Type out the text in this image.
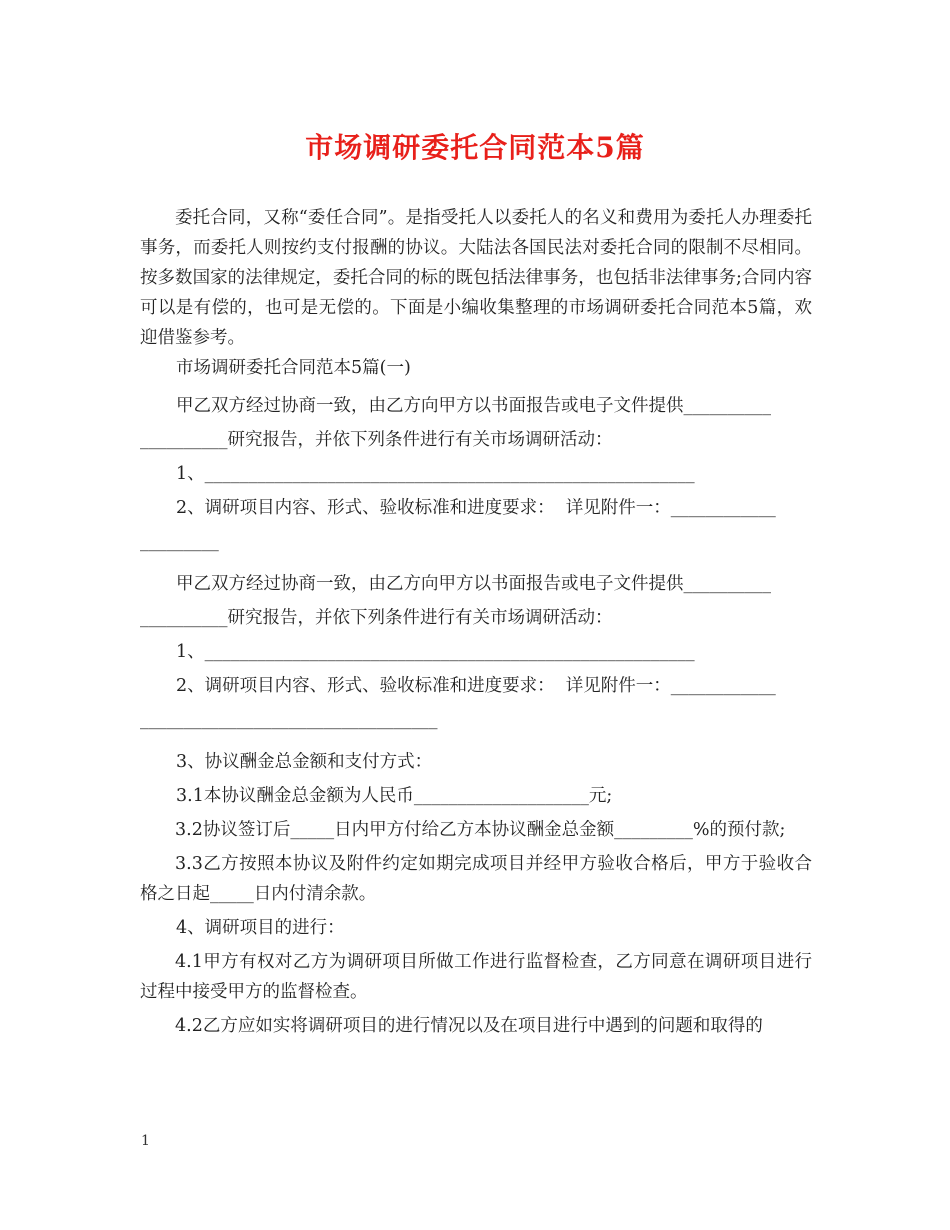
市场调研委托合同范本5篇

委托合同，又称“委任合同”。是指受托人以委托人的名义和费用为委托人办理委托事务，而委托人则按约支付报酬的协议。大陆法各国民法对委托合同的限制不尽相同。按多数国家的法律规定，委托合同的标的既包括法律事务，也包括非法律事务;合同内容可以是有偿的，也可是无偿的。下面是小编收集整理的市场调研委托合同范本5篇，欢迎借鉴参考。

市场调研委托合同范本5篇(一)

甲乙双方经过协商一致，由乙方向甲方以书面报告或电子文件提供__________

__________研究报告，并依下列条件进行有关市场调研活动：

1、________________________________________________________

2、调研项目内容、形式、验收标准和进度要求：  详见附件一：____________

_________

甲乙双方经过协商一致，由乙方向甲方以书面报告或电子文件提供__________

__________研究报告，并依下列条件进行有关市场调研活动：

1、________________________________________________________

2、调研项目内容、形式、验收标准和进度要求：  详见附件一：____________

__________________________________

3、协议酬金总金额和支付方式：

3.1本协议酬金总金额为人民币____________________元;

3.2协议签订后_____日内甲方付给乙方本协议酬金总金额_________%的预付款;

3.3乙方按照本协议及附件约定如期完成项目并经甲方验收合格后，甲方于验收合格之日起_____日内付清余款。

4、调研项目的进行：

4.1甲方有权对乙方为调研项目所做工作进行监督检查，乙方同意在调研项目进行过程中接受甲方的监督检查。

4.2乙方应如实将调研项目的进行情况以及在项目进行中遇到的问题和取得的

1
